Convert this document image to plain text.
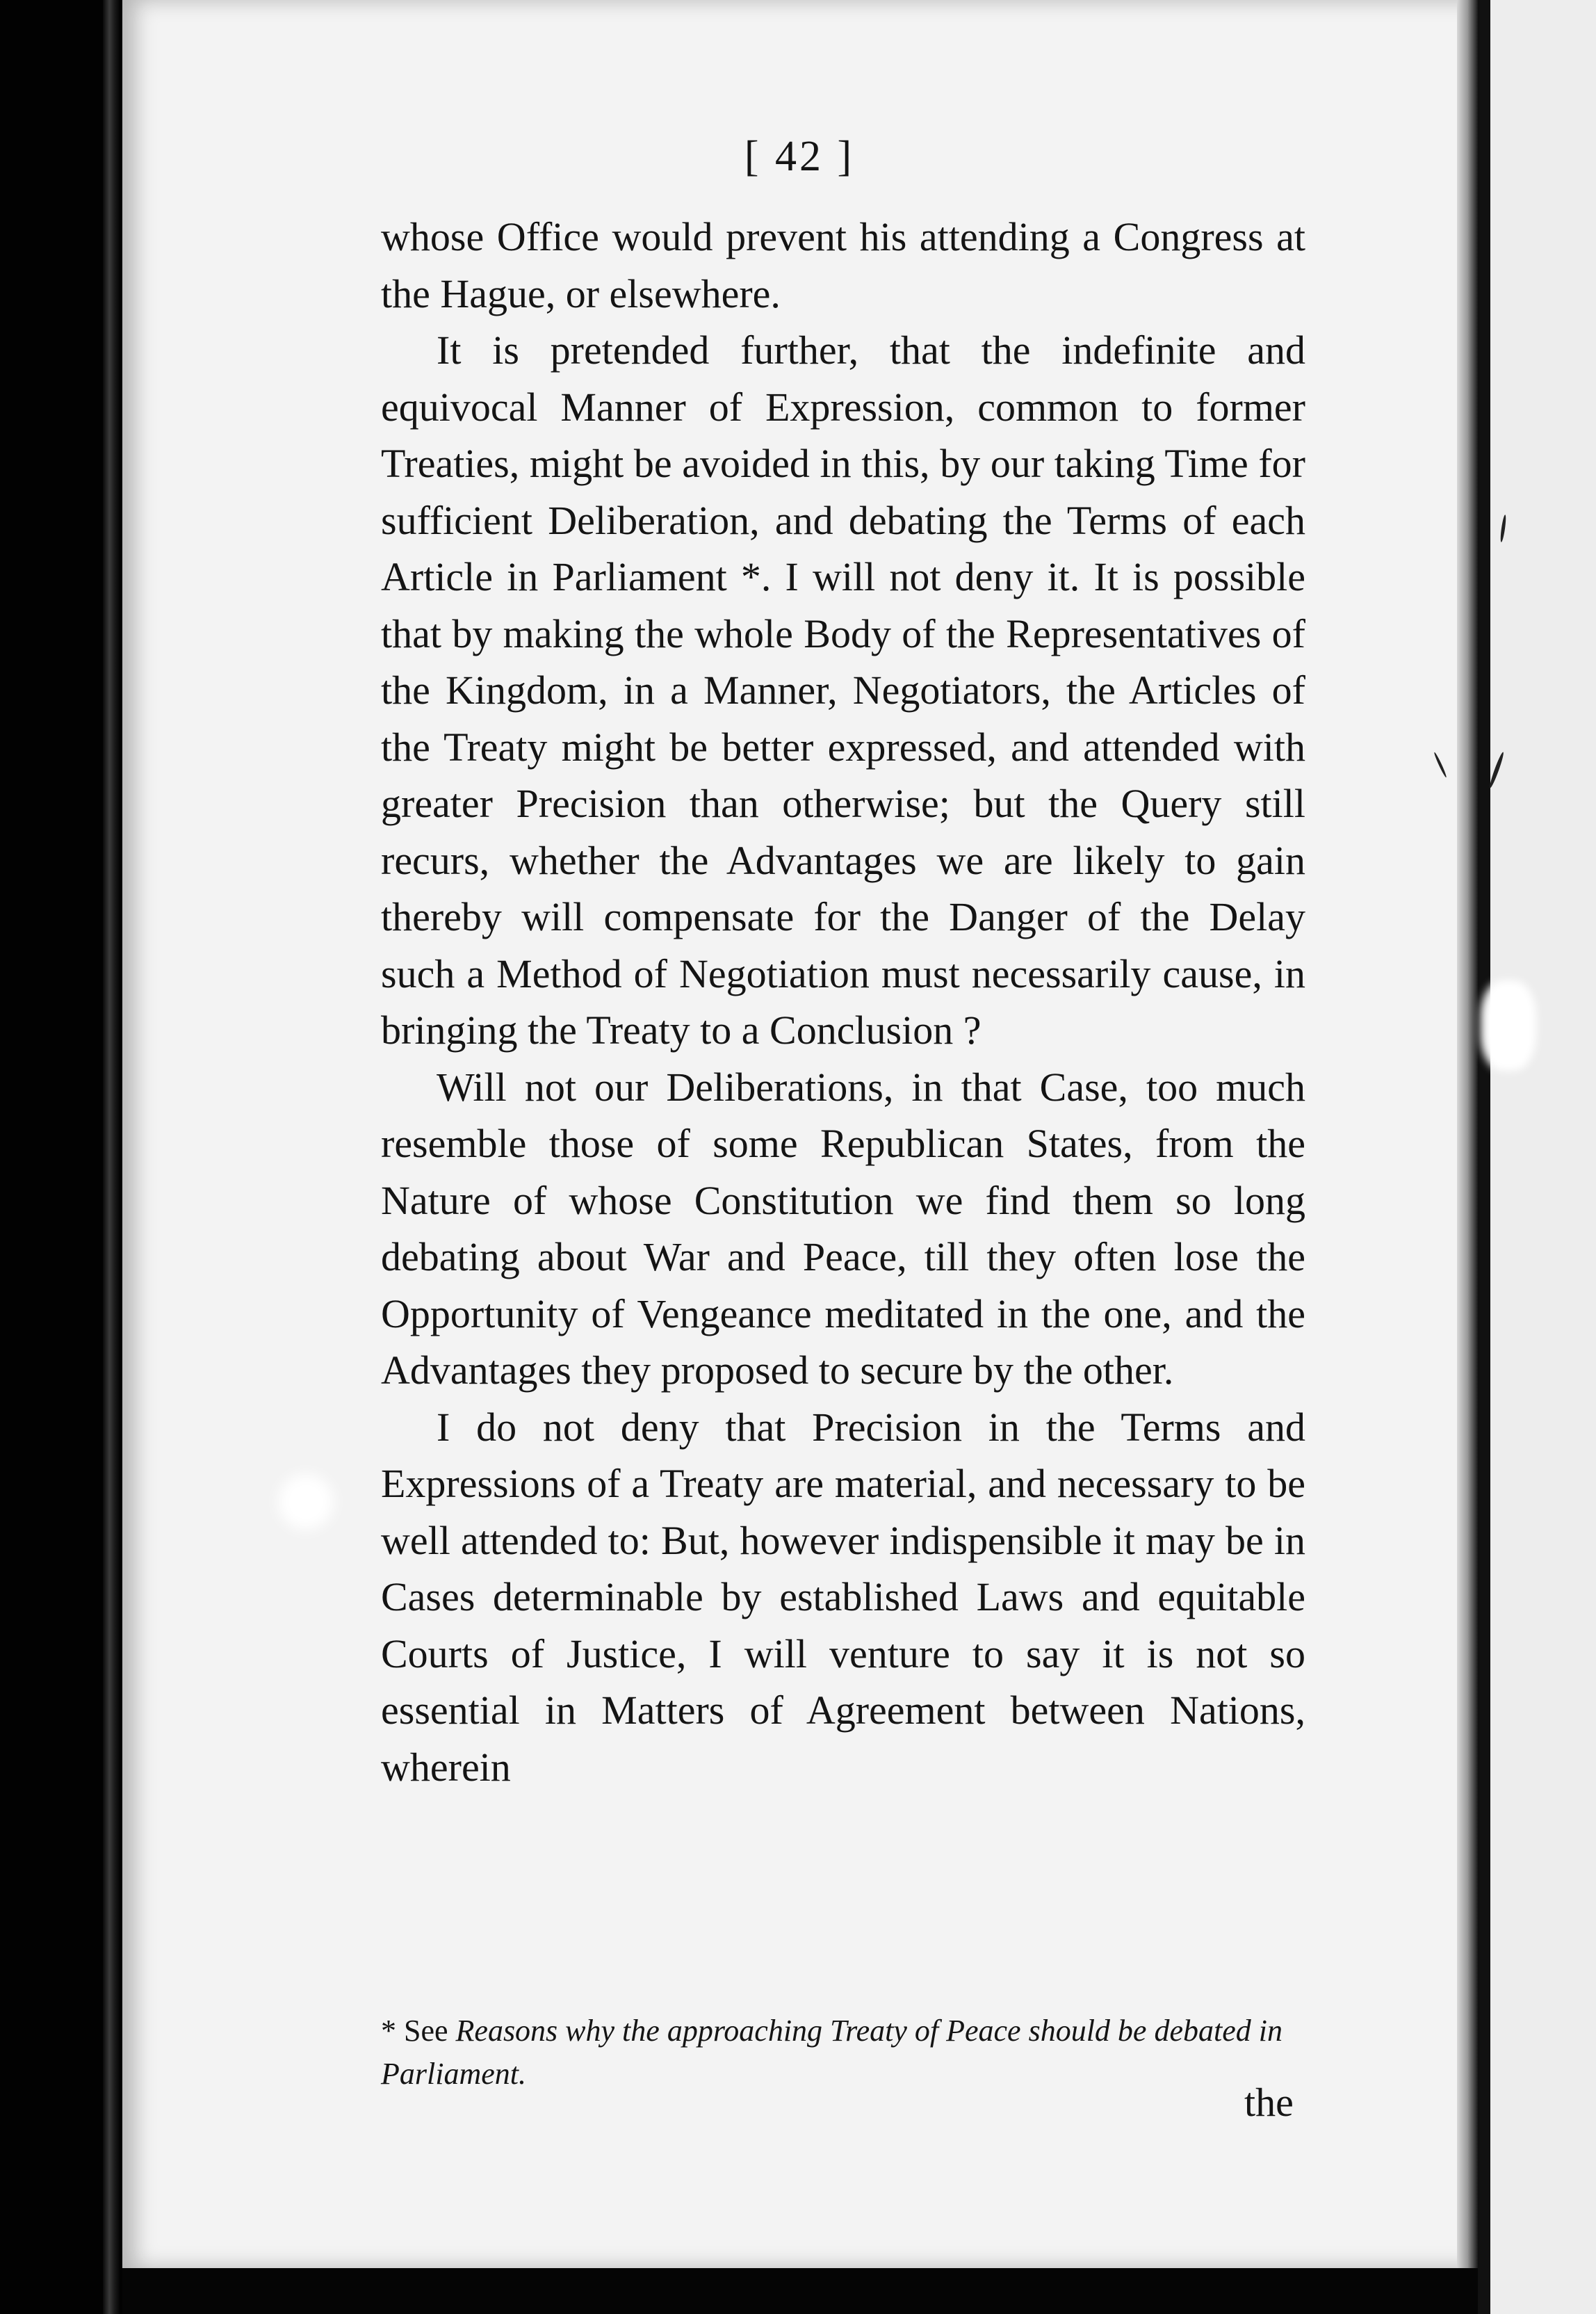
[ 42 ]

whose Office would prevent his attending a Congress at the Hague, or elsewhere.

It is pretended further, that the indefinite and equivocal Manner of Expression, common to former Treaties, might be avoided in this, by our taking Time for sufficient Deliberation, and debating the Terms of each Article in Parliament *. I will not deny it. It is possible that by making the whole Body of the Representatives of the Kingdom, in a Manner, Negotiators, the Articles of the Treaty might be better expressed, and attended with greater Precision than otherwise; but the Query still recurs, whether the Advantages we are likely to gain thereby will compensate for the Danger of the Delay such a Method of Negotiation must necessarily cause, in bringing the Treaty to a Conclusion ?

Will not our Deliberations, in that Case, too much resemble those of some Republican States, from the Nature of whose Constitution we find them so long debating about War and Peace, till they often lose the Opportunity of Vengeance meditated in the one, and the Advantages they proposed to secure by the other.

I do not deny that Precision in the Terms and Expressions of a Treaty are material, and necessary to be well attended to: But, however indispensible it may be in Cases determinable by established Laws and equitable Courts of Justice, I will venture to say it is not so essential in Matters of Agreement between Nations, wherein

* See Reasons why the approaching Treaty of Peace should be debated in Parliament.
the
